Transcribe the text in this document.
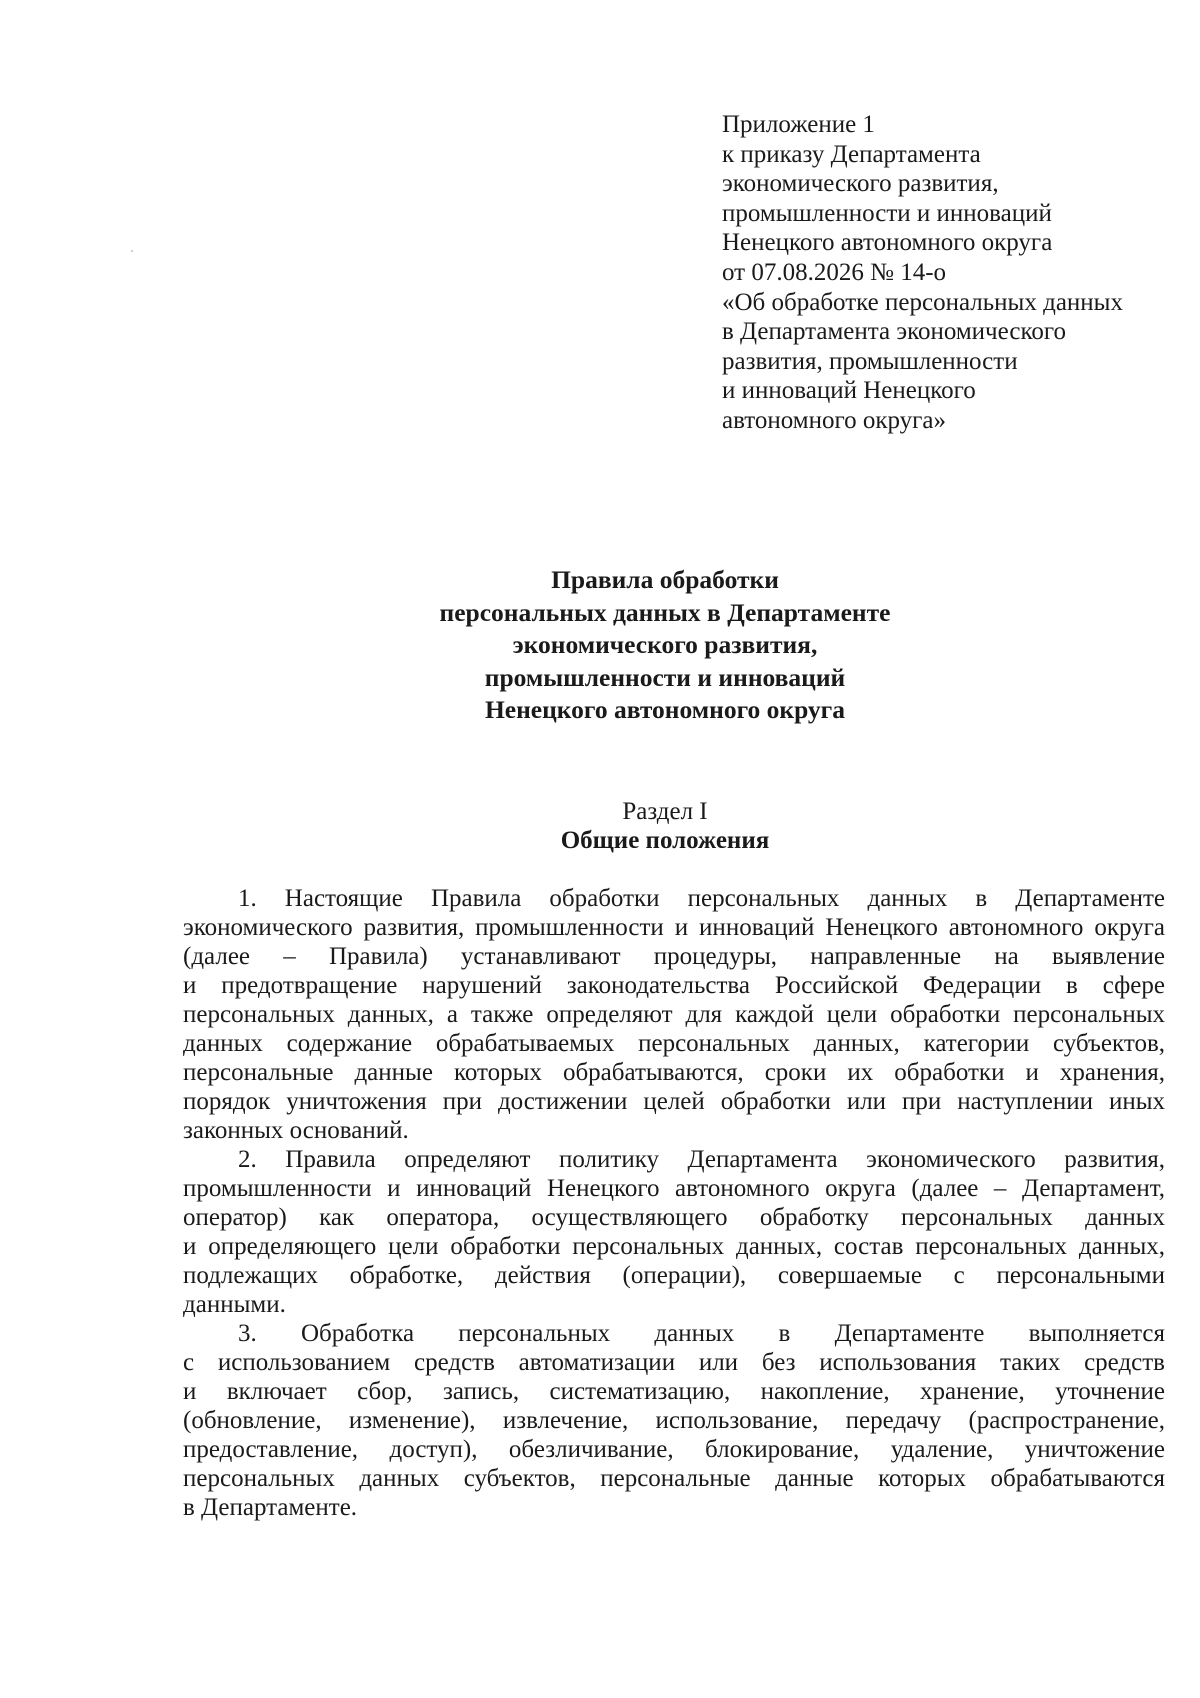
Приложение 1
к приказу Департамента
экономического развития,
промышленности и инноваций
Ненецкого автономного округа
от 07.08.2026 № 14-о
«Об обработке персональных данных
в Департамента экономического
развития, промышленности
и инноваций Ненецкого
автономного округа»
Правила обработки
персональных данных в Департаменте
экономического развития,
промышленности и инноваций
Ненецкого автономного округа
Раздел I
Общие положения
1. Настоящие Правила обработки персональных данных в Департаменте
экономического развития, промышленности и инноваций Ненецкого автономного округа
(далее – Правила) устанавливают процедуры, направленные на выявление
и предотвращение нарушений законодательства Российской Федерации в сфере
персональных данных, а также определяют для каждой цели обработки персональных
данных содержание обрабатываемых персональных данных, категории субъектов,
персональные данные которых обрабатываются, сроки их обработки и хранения,
порядок уничтожения при достижении целей обработки или при наступлении иных
законных оснований.
2. Правила определяют политику Департамента экономического развития,
промышленности и инноваций Ненецкого автономного округа (далее – Департамент,
оператор) как оператора, осуществляющего обработку персональных данных
и определяющего цели обработки персональных данных, состав персональных данных,
подлежащих обработке, действия (операции), совершаемые с персональными
данными.
3. Обработка персональных данных в Департаменте выполняется
с использованием средств автоматизации или без использования таких средств
и включает сбор, запись, систематизацию, накопление, хранение, уточнение
(обновление, изменение), извлечение, использование, передачу (распространение,
предоставление, доступ), обезличивание, блокирование, удаление, уничтожение
персональных данных субъектов, персональные данные которых обрабатываются
в Департаменте.
